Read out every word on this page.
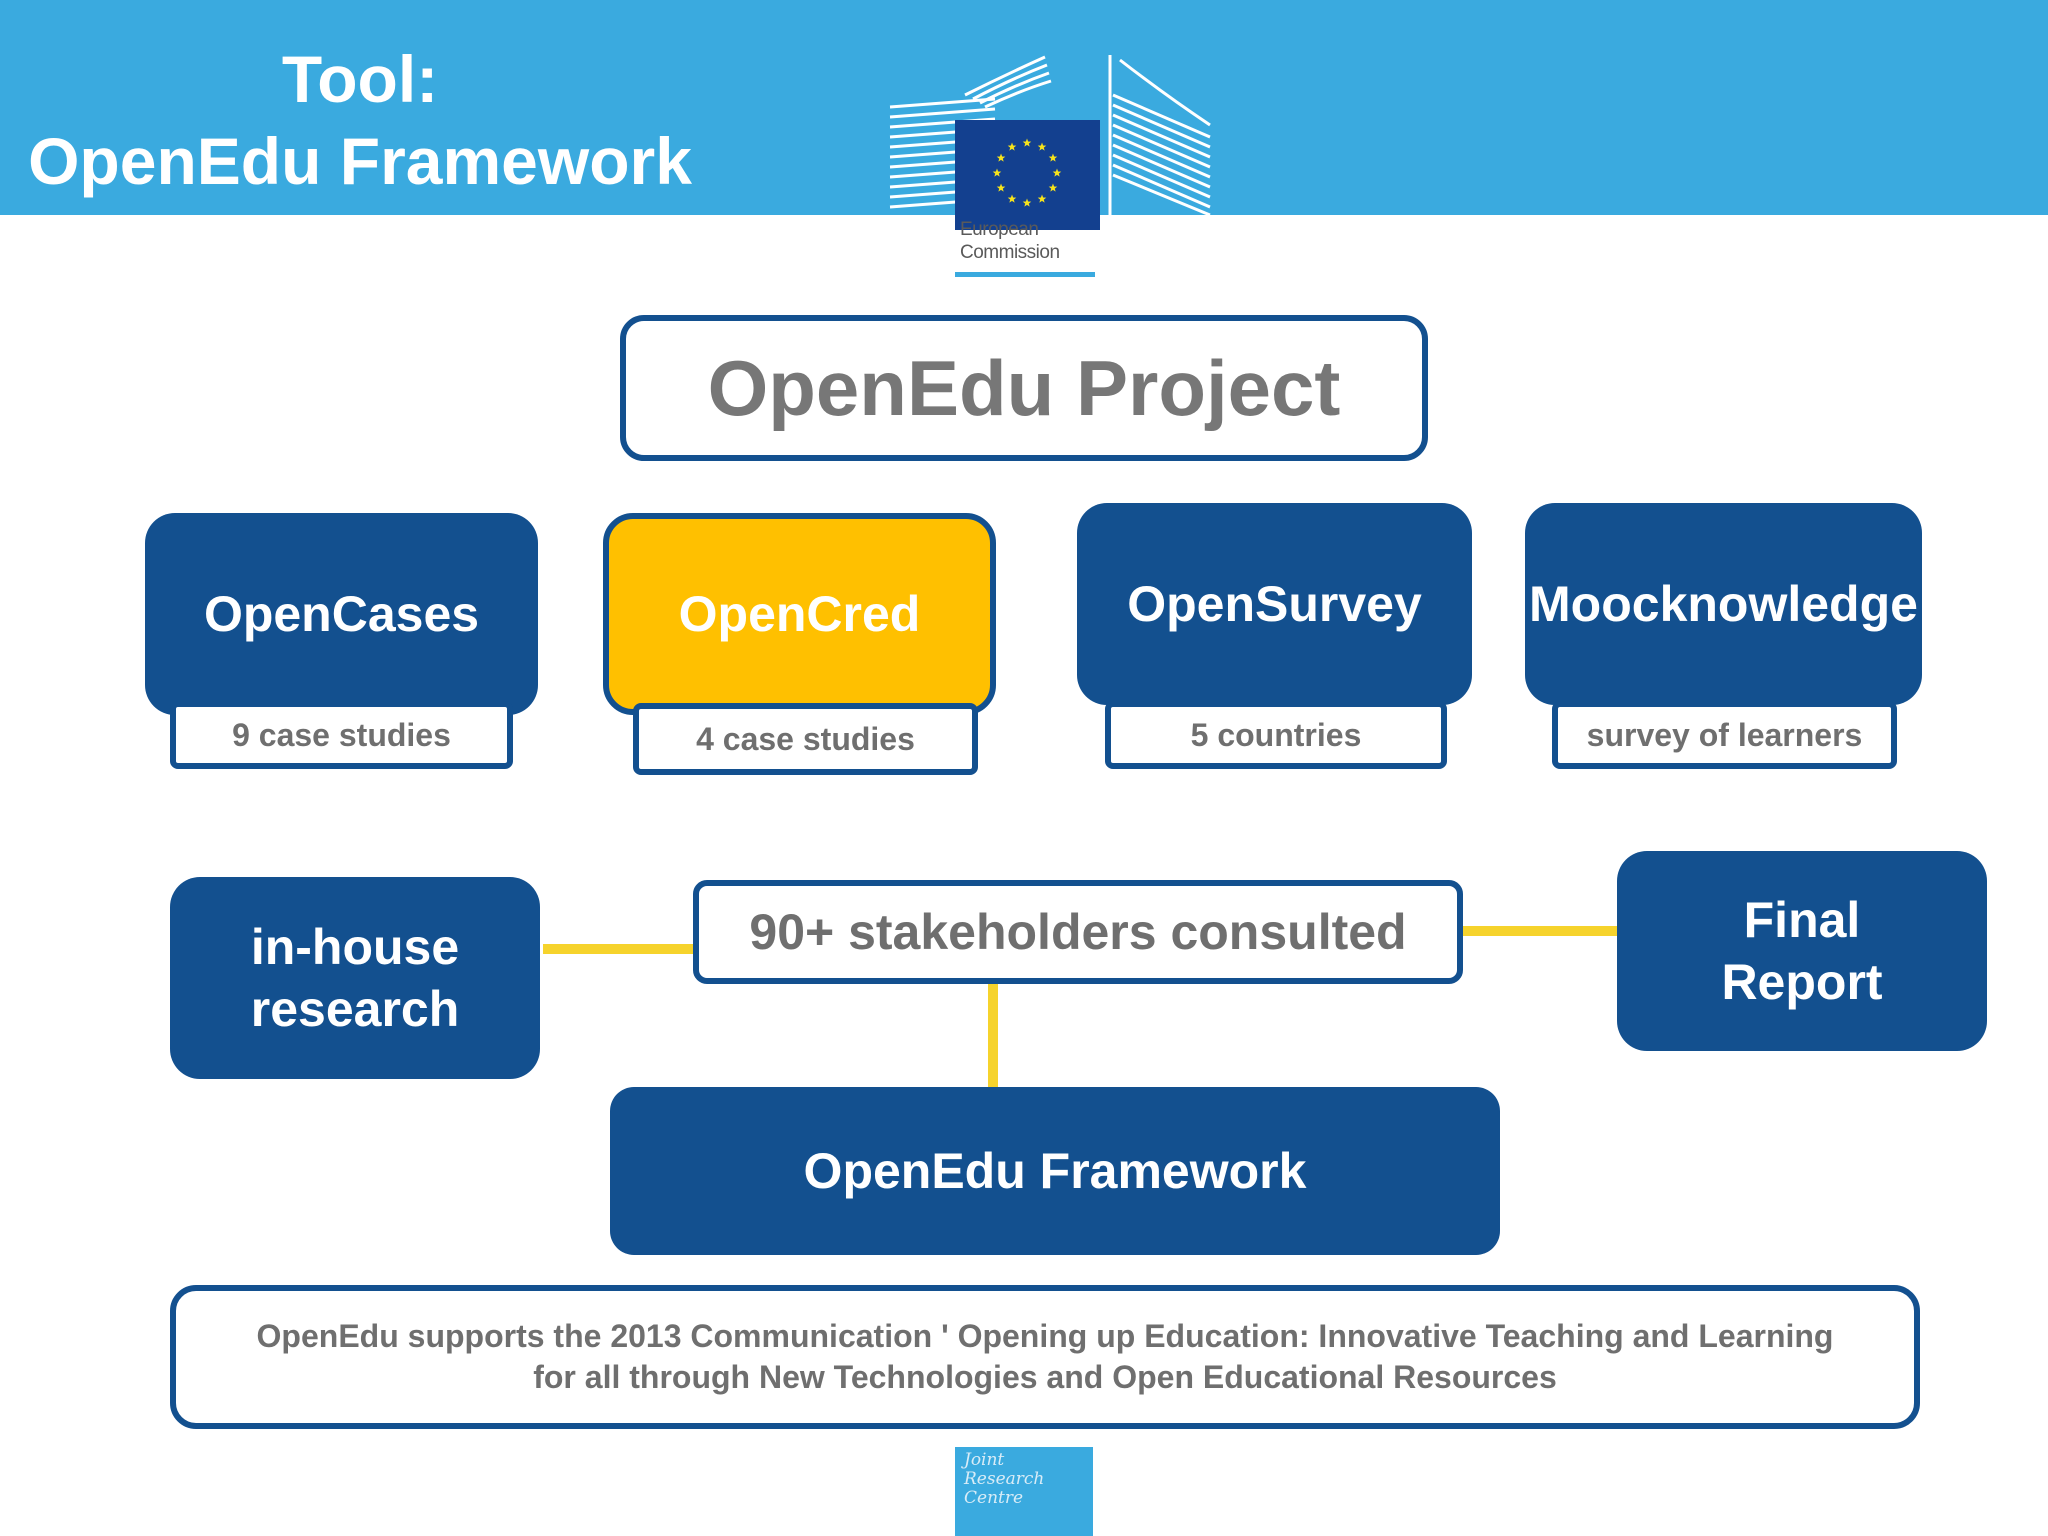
Tool:
OpenEdu Framework
European
Commission
OpenEdu Project
OpenCases
9 case studies
OpenCred
4 case studies
OpenSurvey
5 countries
Moocknowledge
survey of learners
in-house
research
90+ stakeholders consulted	Final
Report
OpenEdu Framework
OpenEdu supports the 2013 Communication ' Opening up Education: Innovative Teaching and Learning
for all through New Technologies and Open Educational Resources
Joint
Research
Centre
